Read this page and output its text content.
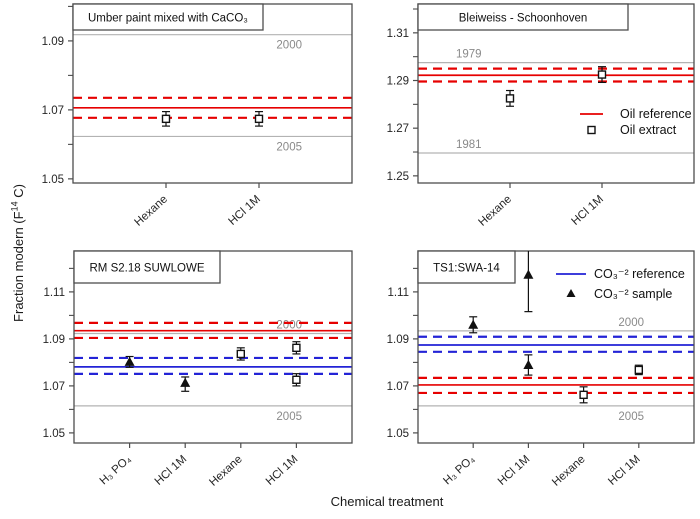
2000
2005
1.05
1.07
1.09
Hexane	HCl 1M
Umber paint mixed with CaCO₃
1979
1981
1.25
1.27
1.29
1.31
Hexane	HCl 1M
Bleiweiss - Schoonhoven
Oil reference
Oil extract
2000
2005
1.05
1.07
1.09
1.11
H₃ PO₄ HCl 1M Hexane HCl 1M
RM S2.18 SUWLOWE
2000
2005
1.05
1.07
1.09
1.11
H₃ PO₄ HCl 1M Hexane HCl 1M
TS1:SWA-14	CO₃⁻² reference
CO₃⁻² sample
Fraction modern ($F^{14}$ C)
Chemical treatment
